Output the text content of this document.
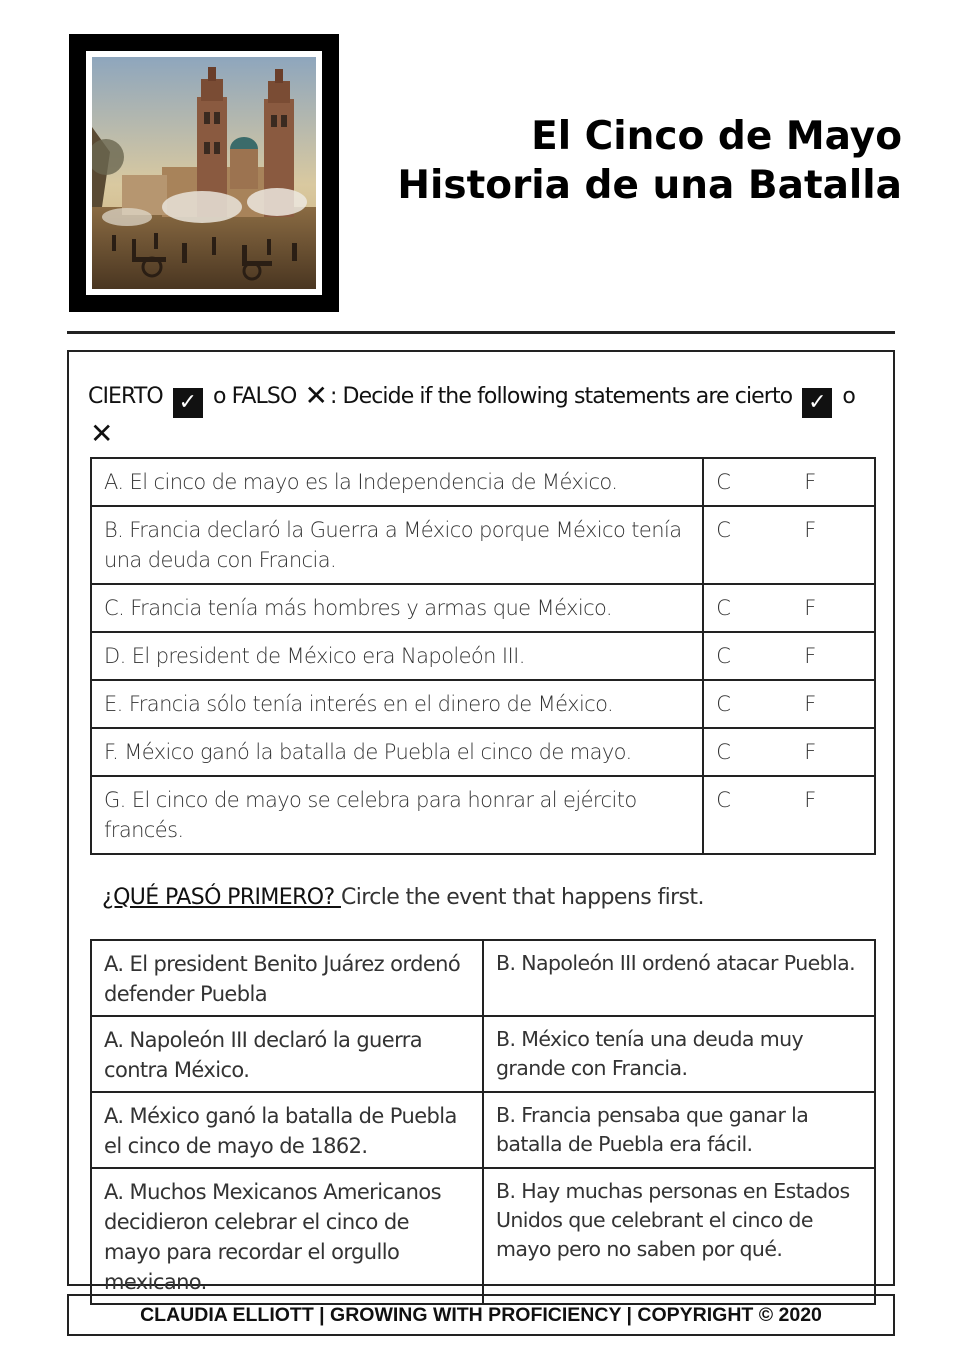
El Cinco de Mayo
Historia de una Batalla
CIERTO ✓ o FALSO ✕: Decide if the following statements are cierto ✓ o
✕
A. El cinco de mayo es la Independencia de México.	C F
B. Francia declaró la Guerra a México porque México tenía una deuda con Francia.	C F
C. Francia tenía más hombres y armas que México.	C F
D. El president de México era Napoleón III.	C F
E. Francia sólo tenía interés en el dinero de México.	C F
F. México ganó la batalla de Puebla el cinco de mayo.	C F
G. El cinco de mayo se celebra para honrar al ejército francés.	C F
¿QUÉ PASÓ PRIMERO? Circle the event that happens first.
A. El president Benito Juárez ordenó defender Puebla	B. Napoleón III ordenó atacar Puebla.
A. Napoleón III declaró la guerra contra México.	B. México tenía una deuda muy grande con Francia.
A. México ganó la batalla de Puebla el cinco de mayo de 1862.	B. Francia pensaba que ganar la batalla de Puebla era fácil.
A. Muchos Mexicanos Americanos decidieron celebrar el cinco de mayo para recordar el orgullo mexicano.	B. Hay muchas personas en Estados Unidos que celebrant el cinco de mayo pero no saben por qué.
CLAUDIA ELLIOTT | GROWING WITH PROFICIENCY | COPYRIGHT © 2020
